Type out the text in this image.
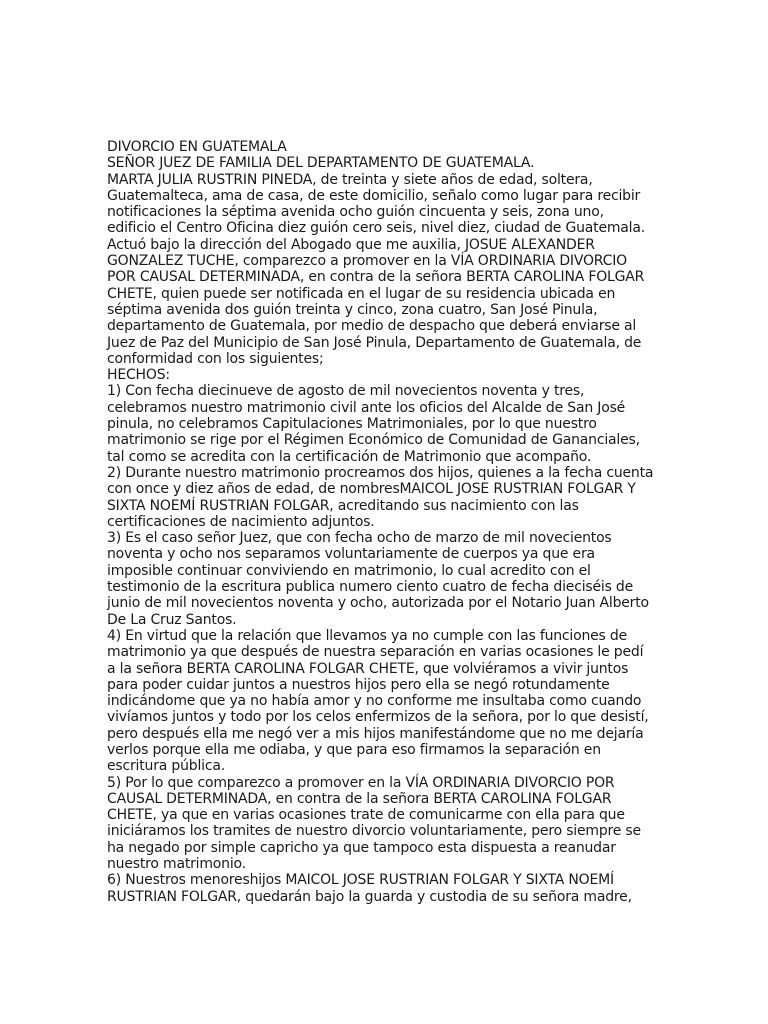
DIVORCIO EN GUATEMALA
SEÑOR JUEZ DE FAMILIA DEL DEPARTAMENTO DE GUATEMALA.
MARTA JULIA RUSTRIN PINEDA, de treinta y siete años de edad, soltera,
Guatemalteca, ama de casa, de este domicilio, señalo como lugar para recibir
notificaciones la séptima avenida ocho guión cincuenta y seis, zona uno,
edificio el Centro Oficina diez guión cero seis, nivel diez, ciudad de Guatemala.
Actuó bajo la dirección del Abogado que me auxilia, JOSUE ALEXANDER
GONZALEZ TUCHE, comparezco a promover en la VÍA ORDINARIA DIVORCIO
POR CAUSAL DETERMINADA, en contra de la señora BERTA CAROLINA FOLGAR
CHETE, quien puede ser notificada en el lugar de su residencia ubicada en
séptima avenida dos guión treinta y cinco, zona cuatro, San José Pinula,
departamento de Guatemala, por medio de despacho que deberá enviarse al
Juez de Paz del Municipio de San José Pinula, Departamento de Guatemala, de
conformidad con los siguientes;
HECHOS:
1) Con fecha diecinueve de agosto de mil novecientos noventa y tres,
celebramos nuestro matrimonio civil ante los oficios del Alcalde de San José
pinula, no celebramos Capitulaciones Matrimoniales, por lo que nuestro
matrimonio se rige por el Régimen Económico de Comunidad de Gananciales,
tal como se acredita con la certificación de Matrimonio que acompaño.
2) Durante nuestro matrimonio procreamos dos hijos, quienes a la fecha cuenta
con once y diez años de edad, de nombresMAICOL JOSE RUSTRIAN FOLGAR Y
SIXTA NOEMÍ RUSTRIAN FOLGAR, acreditando sus nacimiento con las
certificaciones de nacimiento adjuntos.
3) Es el caso señor Juez, que con fecha ocho de marzo de mil novecientos
noventa y ocho nos separamos voluntariamente de cuerpos ya que era
imposible continuar conviviendo en matrimonio, lo cual acredito con el
testimonio de la escritura publica numero ciento cuatro de fecha dieciséis de
junio de mil novecientos noventa y ocho, autorizada por el Notario Juan Alberto
De La Cruz Santos.
4) En virtud que la relación que llevamos ya no cumple con las funciones de
matrimonio ya que después de nuestra separación en varias ocasiones le pedí
a la señora BERTA CAROLINA FOLGAR CHETE, que volviéramos a vivir juntos
para poder cuidar juntos a nuestros hijos pero ella se negó rotundamente
indicándome que ya no había amor y no conforme me insultaba como cuando
vivíamos juntos y todo por los celos enfermizos de la señora, por lo que desistí,
pero después ella me negó ver a mis hijos manifestándome que no me dejaría
verlos porque ella me odiaba, y que para eso firmamos la separación en
escritura pública.
5) Por lo que comparezco a promover en la VÍA ORDINARIA DIVORCIO POR
CAUSAL DETERMINADA, en contra de la señora BERTA CAROLINA FOLGAR
CHETE, ya que en varias ocasiones trate de comunicarme con ella para que
iniciáramos los tramites de nuestro divorcio voluntariamente, pero siempre se
ha negado por simple capricho ya que tampoco esta dispuesta a reanudar
nuestro matrimonio.
6) Nuestros menoreshijos MAICOL JOSE RUSTRIAN FOLGAR Y SIXTA NOEMÍ
RUSTRIAN FOLGAR, quedarán bajo la guarda y custodia de su señora madre,
